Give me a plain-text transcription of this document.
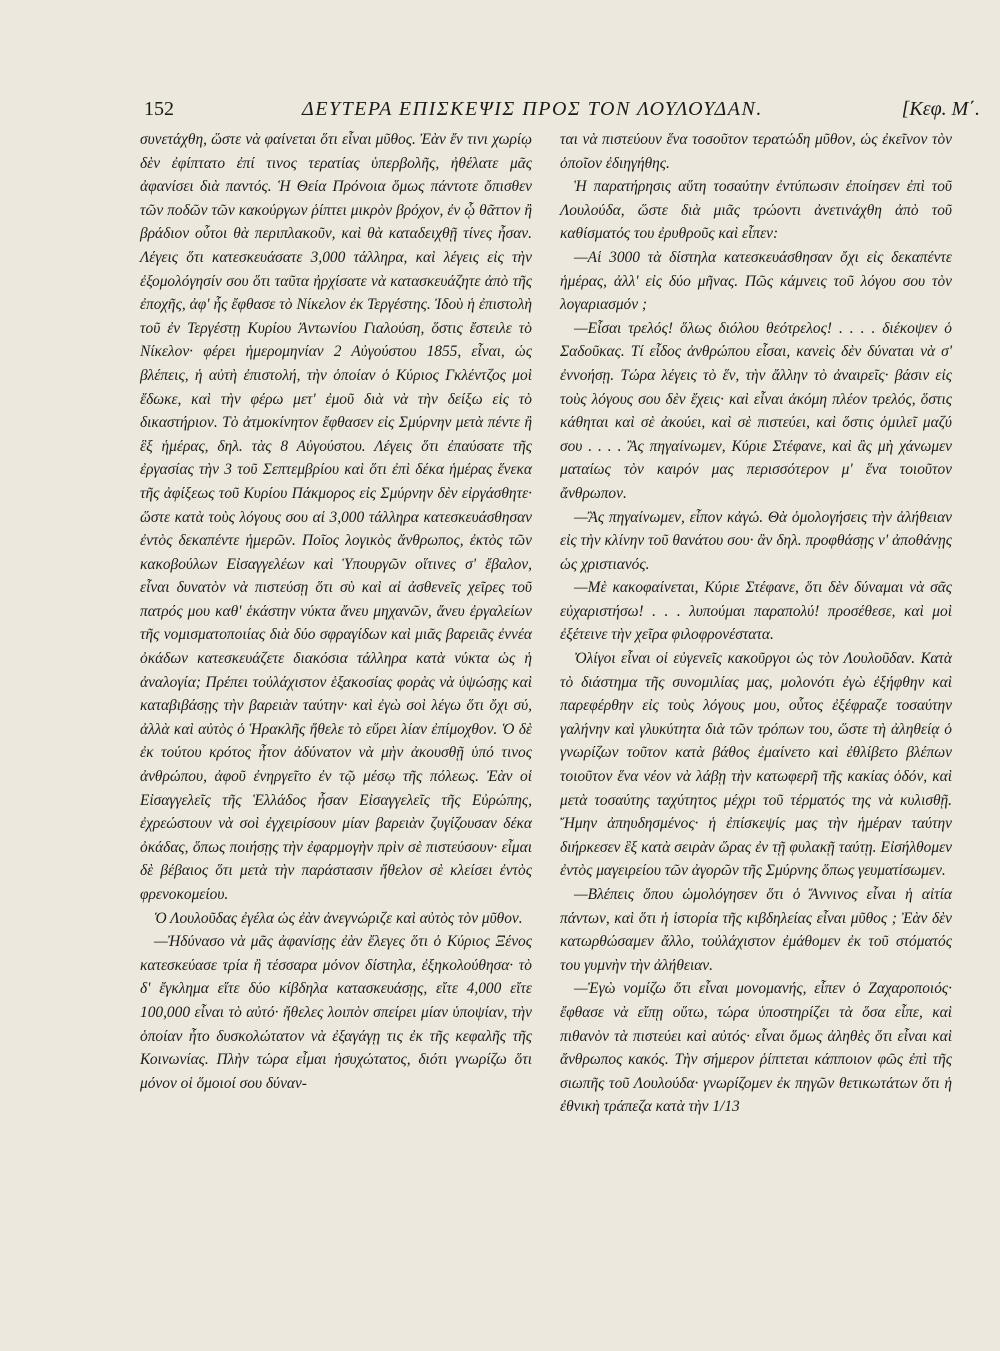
152	ΔΕΥΤΕΡΑ ΕΠΙΣΚΕΨΙΣ ΠΡΟΣ ΤΟΝ ΛΟΥΛΟΥΔΑΝ.	[Κεφ. Μ΄.

συνετάχθη, ὥστε νὰ φαίνεται ὅτι εἶναι μῦθος. Ἐὰν ἔν τινι χωρίῳ δὲν ἐφίπτατο ἐπί τινος τερατίας ὑπερβολῆς, ἠθέλατε μᾶς ἀφανίσει διὰ παντός. Ἡ Θεία Πρόνοια ὅμως πάντοτε ὄπισθεν τῶν ποδῶν τῶν κακούργων ῥίπτει μικρὸν βρόχον, ἐν ᾧ θᾶττον ἢ βράδιον οὗτοι θὰ περιπλακοῦν, καὶ θὰ καταδειχθῇ τίνες ἦσαν. Λέγεις ὅτι κατεσκευάσατε 3,000 τάλληρα, καὶ λέγεις εἰς τὴν ἐξομολόγησίν σου ὅτι ταῦτα ἠρχίσατε νὰ κατασκευάζητε ἀπὸ τῆς ἐποχῆς, ἀφ' ἧς ἔφθασε τὸ Νίκελον ἐκ Τεργέστης. Ἰδοὺ ἡ ἐπιστολὴ τοῦ ἐν Τεργέστῃ Κυρίου Ἀντωνίου Γιαλούση, ὅστις ἔστειλε τὸ Νίκελον· φέρει ἡμερομηνίαν 2 Αὐγούστου 1855, εἶναι, ὡς βλέπεις, ἡ αὐτὴ ἐπιστολή, τὴν ὁποίαν ὁ Κύριος Γκλέντζος μοὶ ἔδωκε, καὶ τὴν φέρω μετ' ἐμοῦ διὰ νὰ τὴν δείξω εἰς τὸ δικαστήριον. Τὸ ἀτμοκίνητον ἔφθασεν εἰς Σμύρνην μετὰ πέντε ἢ ἓξ ἡμέρας, δηλ. τὰς 8 Αὐγούστου. Λέγεις ὅτι ἐπαύσατε τῆς ἐργασίας τὴν 3 τοῦ Σεπτεμβρίου καὶ ὅτι ἐπὶ δέκα ἡμέρας ἕνεκα τῆς ἀφίξεως τοῦ Κυρίου Πάκμορος εἰς Σμύρνην δὲν εἰργάσθητε· ὥστε κατὰ τοὺς λόγους σου αἱ 3,000 τάλληρα κατεσκευάσθησαν ἐντὸς δεκαπέντε ἡμερῶν. Ποῖος λογικὸς ἄνθρωπος, ἐκτὸς τῶν κακοβούλων Εἰσαγγελέων καὶ Ὑπουργῶν οἵτινες σ' ἔβαλον, εἶναι δυνατὸν νὰ πιστεύσῃ ὅτι σὺ καὶ αἱ ἀσθενεῖς χεῖρες τοῦ πατρός μου καθ' ἑκάστην νύκτα ἄνευ μηχανῶν, ἄνευ ἐργαλείων τῆς νομισματοποιίας διὰ δύο σφραγίδων καὶ μιᾶς βαρειᾶς ἐννέα ὀκάδων κατεσκευάζετε διακόσια τάλληρα κατὰ νύκτα ὡς ἡ ἀναλογία; Πρέπει τοὐλάχιστον ἑξακοσίας φορὰς νὰ ὑψώσῃς καὶ καταβιβάσῃς τὴν βαρειὰν ταύτην· καὶ ἐγὼ σοὶ λέγω ὅτι ὄχι σύ, ἀλλὰ καὶ αὐτὸς ὁ Ἡρακλῆς ἤθελε τὸ εὕρει λίαν ἐπίμοχθον. Ὁ δὲ ἐκ τούτου κρότος ἦτον ἀδύνατον νὰ μὴν ἀκουσθῇ ὑπό τινος ἀνθρώπου, ἀφοῦ ἐνηργεῖτο ἐν τῷ μέσῳ τῆς πόλεως. Ἐὰν οἱ Εἰσαγγελεῖς τῆς Ἑλλάδος ἦσαν Εἰσαγγελεῖς τῆς Εὐρώπης, ἐχρεώστουν νὰ σοὶ ἐγχειρίσουν μίαν βαρειὰν ζυγίζουσαν δέκα ὀκάδας, ὅπως ποιήσῃς τὴν ἐφαρμογὴν πρὶν σὲ πιστεύσουν· εἶμαι δὲ βέβαιος ὅτι μετὰ τὴν παράστασιν ἤθελον σὲ κλείσει ἐντὸς φρενοκομείου.

Ὁ Λουλοῦδας ἐγέλα ὡς ἐὰν ἀνεγνώριζε καὶ αὐτὸς τὸν μῦθον.

—Ἠδύνασο νὰ μᾶς ἀφανίσῃς ἐὰν ἔλεγες ὅτι ὁ Κύριος Ξένος κατεσκεύασε τρία ἢ τέσσαρα μόνον δίστηλα, ἐξηκολούθησα· τὸ δ' ἔγκλημα εἴτε δύο κίβδηλα κατασκευάσῃς, εἴτε 4,000 εἴτε 100,000 εἶναι τὸ αὐτό· ἤθελες λοιπὸν σπείρει μίαν ὑποψίαν, τὴν ὁποίαν ἦτο δυσκολώτατον νὰ ἐξαγάγῃ τις ἐκ τῆς κεφαλῆς τῆς Κοινωνίας. Πλὴν τώρα εἶμαι ἡσυχώτατος, διότι γνωρίζω ὅτι μόνον οἱ ὅμοιοί σου δύναν-

ται νὰ πιστεύουν ἕνα τοσοῦτον τερατώδη μῦθον, ὡς ἐκεῖνον τὸν ὁποῖον ἐδιηγήθης.

Ἡ παρατήρησις αὕτη τοσαύτην ἐντύπωσιν ἐποίησεν ἐπὶ τοῦ Λουλούδα, ὥστε διὰ μιᾶς τρώοντι ἀνετινάχθη ἀπὸ τοῦ καθίσματός του ἐρυθροῦς καὶ εἶπεν:

—Αἱ 3000 τὰ δίστηλα κατεσκευάσθησαν ὄχι εἰς δεκαπέντε ἡμέρας, ἀλλ' εἰς δύο μῆνας. Πῶς κάμνεις τοῦ λόγου σου τὸν λογαριασμόν ;

—Εἶσαι τρελός! ὅλως διόλου θεότρελος! . . . . διέκοψεν ὁ Σαδοῦκας. Τί εἶδος ἀνθρώπου εἶσαι, κανεὶς δὲν δύναται νὰ σ' ἐννοήσῃ. Τώρα λέγεις τὸ ἕν, τὴν ἄλλην τὸ ἀναιρεῖς· βάσιν εἰς τοὺς λόγους σου δὲν ἔχεις· καὶ εἶναι ἀκόμη πλέον τρελός, ὅστις κάθηται καὶ σὲ ἀκούει, καὶ σὲ πιστεύει, καὶ ὅστις ὁμιλεῖ μαζύ σου . . . . Ἂς πηγαίνωμεν, Κύριε Στέφανε, καὶ ἂς μὴ χάνωμεν ματαίως τὸν καιρόν μας περισσότερον μ' ἕνα τοιοῦτον ἄνθρωπον.

—Ἂς πηγαίνωμεν, εἶπον κἀγώ. Θὰ ὁμολογήσεις τὴν ἀλήθειαν εἰς τὴν κλίνην τοῦ θανάτου σου· ἂν δηλ. προφθάσῃς ν' ἀποθάνῃς ὡς χριστιανός.

—Μὲ κακοφαίνεται, Κύριε Στέφανε, ὅτι δὲν δύναμαι νὰ σᾶς εὐχαριστήσω! . . . λυπούμαι παραπολύ! προσέθεσε, καὶ μοὶ ἐξέτεινε τὴν χεῖρα φιλοφρονέστατα.

Ὀλίγοι εἶναι οἱ εὐγενεῖς κακοῦργοι ὡς τὸν Λουλοῦδαν. Κατὰ τὸ διάστημα τῆς συνομιλίας μας, μολονότι ἐγὼ ἐξήφθην καὶ παρεφέρθην εἰς τοὺς λόγους μου, οὗτος ἐξέφραζε τοσαύτην γαλήνην καὶ γλυκύτητα διὰ τῶν τρόπων του, ὥστε τὴ ἀληθείᾳ ὁ γνωρίζων τοῦτον κατὰ βάθος ἐμαίνετο καὶ ἐθλίβετο βλέπων τοιοῦτον ἕνα νέον νὰ λάβῃ τὴν κατωφερῆ τῆς κακίας ὁδόν, καὶ μετὰ τοσαύτης ταχύτητος μέχρι τοῦ τέρματός της νὰ κυλισθῇ. Ἤμην ἀπηυδησμένος· ἡ ἐπίσκεψίς μας τὴν ἡμέραν ταύτην διήρκεσεν ἓξ κατὰ σειρὰν ὥρας ἐν τῇ φυλακῇ ταύτῃ. Εἰσήλθομεν ἐντὸς μαγειρείου τῶν ἀγορῶν τῆς Σμύρνης ὅπως γευματίσωμεν.

—Βλέπεις ὅπου ὡμολόγησεν ὅτι ὁ Ἄννινος εἶναι ἡ αἰτία πάντων, καὶ ὅτι ἡ ἱστορία τῆς κιβδηλείας εἶναι μῦθος ; Ἐὰν δὲν κατωρθώσαμεν ἄλλο, τοὐλάχιστον ἐμάθομεν ἐκ τοῦ στόματός του γυμνὴν τὴν ἀλήθειαν.

—Ἐγὼ νομίζω ὅτι εἶναι μονομανής, εἶπεν ὁ Ζαχαροποιός· ἔφθασε νὰ εἴπῃ οὕτω, τώρα ὑποστηρίζει τὰ ὅσα εἶπε, καὶ πιθανὸν τὰ πιστεύει καὶ αὐτός· εἶναι ὅμως ἀληθὲς ὅτι εἶναι καὶ ἄνθρωπος κακός. Τὴν σήμερον ῥίπτεται κάπποιον φῶς ἐπὶ τῆς σιωπῆς τοῦ Λουλούδα· γνωρίζομεν ἐκ πηγῶν θετικωτάτων ὅτι ἡ ἐθνικὴ τράπεζα κατὰ τὴν 1/13
